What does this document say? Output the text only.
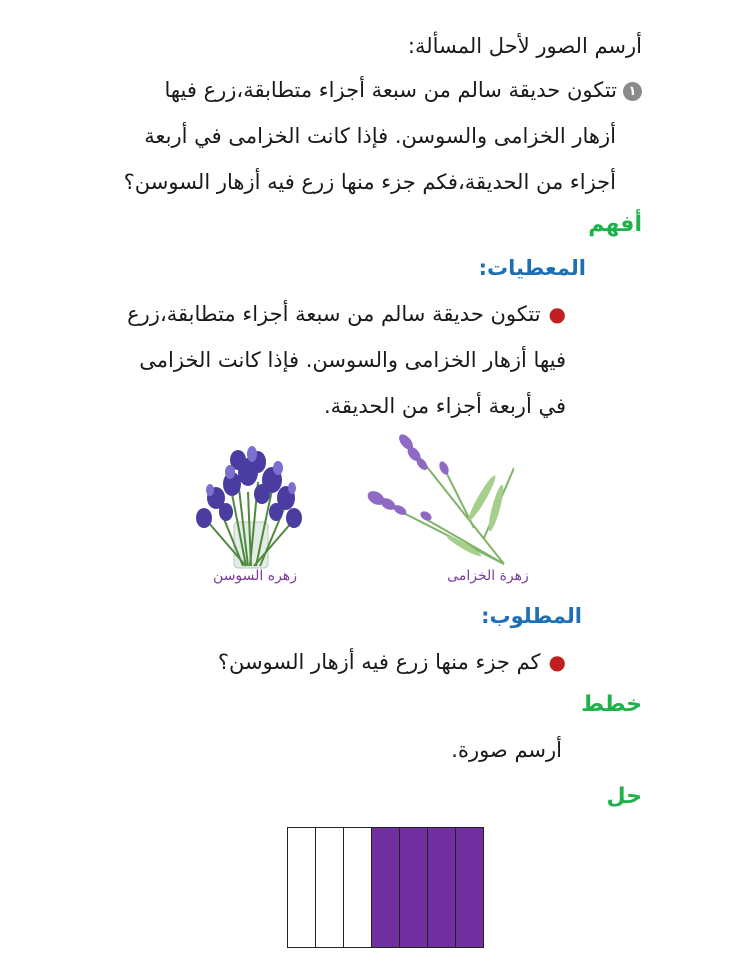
أرسم الصور لأحل المسألة:
١تتكون حديقة سالم من سبعة أجزاء متطابقة،زرع فيها
أزهار الخزامى والسوسن. فإذا كانت الخزامى في أربعة
أجزاء من الحديقة،فكم جزء منها زرع فيه أزهار السوسن؟
أفهم
المعطيات:
●تتكون حديقة سالم من سبعة أجزاء متطابقة،زرع
فيها أزهار الخزامى والسوسن. فإذا كانت الخزامى
في أربعة أجزاء من الحديقة.
زهره السوسن	زهرة الخزامى
المطلوب:
●كم جزء منها زرع فيه أزهار السوسن؟
خطط
أرسم صورة.
حل
